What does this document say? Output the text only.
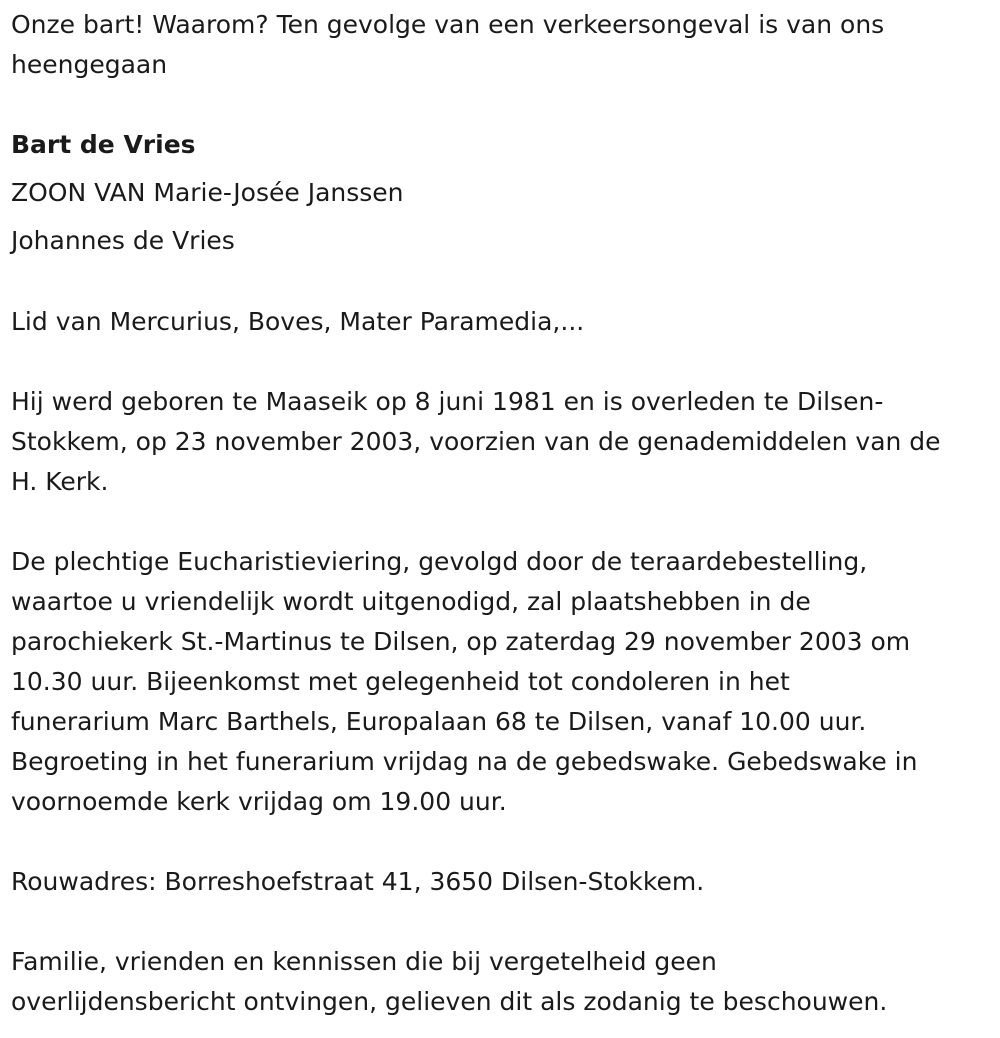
Onze bart! Waarom? Ten gevolge van een verkeersongeval is van ons
heengegaan
Bart de Vries
ZOON VAN Marie-Josée Janssen
Johannes de Vries
Lid van Mercurius, Boves, Mater Paramedia,...
Hij werd geboren te Maaseik op 8 juni 1981 en is overleden te Dilsen-
Stokkem, op 23 november 2003, voorzien van de genademiddelen van de
H. Kerk.
De plechtige Eucharistieviering, gevolgd door de teraardebestelling,
waartoe u vriendelijk wordt uitgenodigd, zal plaatshebben in de
parochiekerk St.-Martinus te Dilsen, op zaterdag 29 november 2003 om
10.30 uur. Bijeenkomst met gelegenheid tot condoleren in het
funerarium Marc Barthels, Europalaan 68 te Dilsen, vanaf 10.00 uur.
Begroeting in het funerarium vrijdag na de gebedswake. Gebedswake in
voornoemde kerk vrijdag om 19.00 uur.
Rouwadres: Borreshoefstraat 41, 3650 Dilsen-Stokkem.
Familie, vrienden en kennissen die bij vergetelheid geen
overlijdensbericht ontvingen, gelieven dit als zodanig te beschouwen.
